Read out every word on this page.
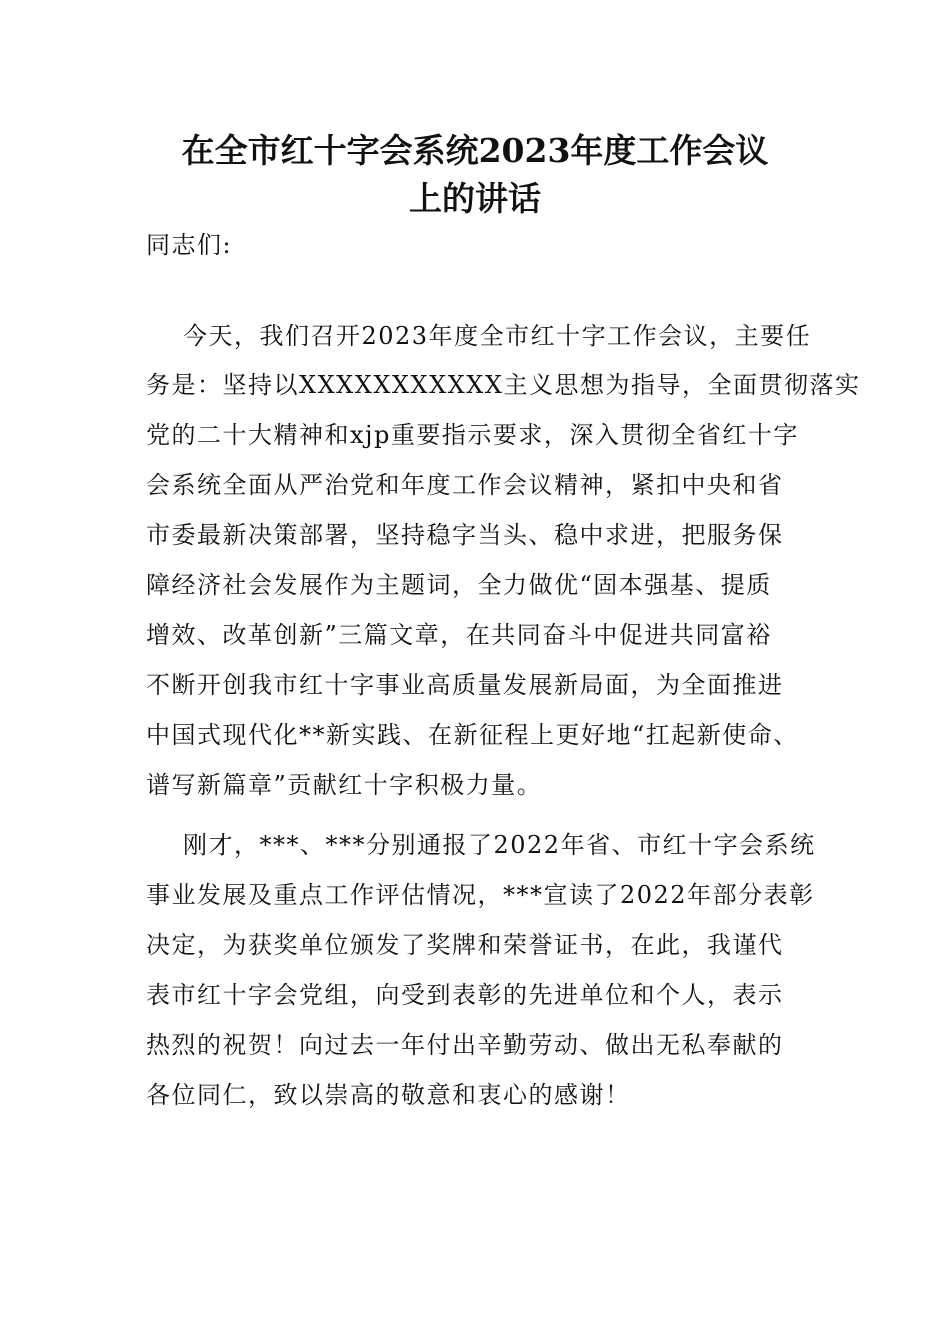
在全市红十字会系统2023年度工作会议
上的讲话

同志们:

今天，我们召开2023年度全市红十字工作会议，主要任

务是：坚持以XXXXXXXXXXX主义思想为指导，全面贯彻落实

党的二十大精神和xjp重要指示要求，深入贯彻全省红十字

会系统全面从严治党和年度工作会议精神，紧扣中央和省

市委最新决策部署，坚持稳字当头、稳中求进，把服务保

障经济社会发展作为主题词，全力做优“固本强基、提质

增效、改革创新”三篇文章，在共同奋斗中促进共同富裕

不断开创我市红十字事业高质量发展新局面，为全面推进

中国式现代化**新实践、在新征程上更好地“扛起新使命、

谱写新篇章”贡献红十字积极力量。

刚才，***、***分别通报了2022年省、市红十字会系统

事业发展及重点工作评估情况，***宣读了2022年部分表彰

决定，为获奖单位颁发了奖牌和荣誉证书，在此，我谨代

表市红十字会党组，向受到表彰的先进单位和个人，表示

热烈的祝贺！向过去一年付出辛勤劳动、做出无私奉献的

各位同仁，致以崇高的敬意和衷心的感谢！
